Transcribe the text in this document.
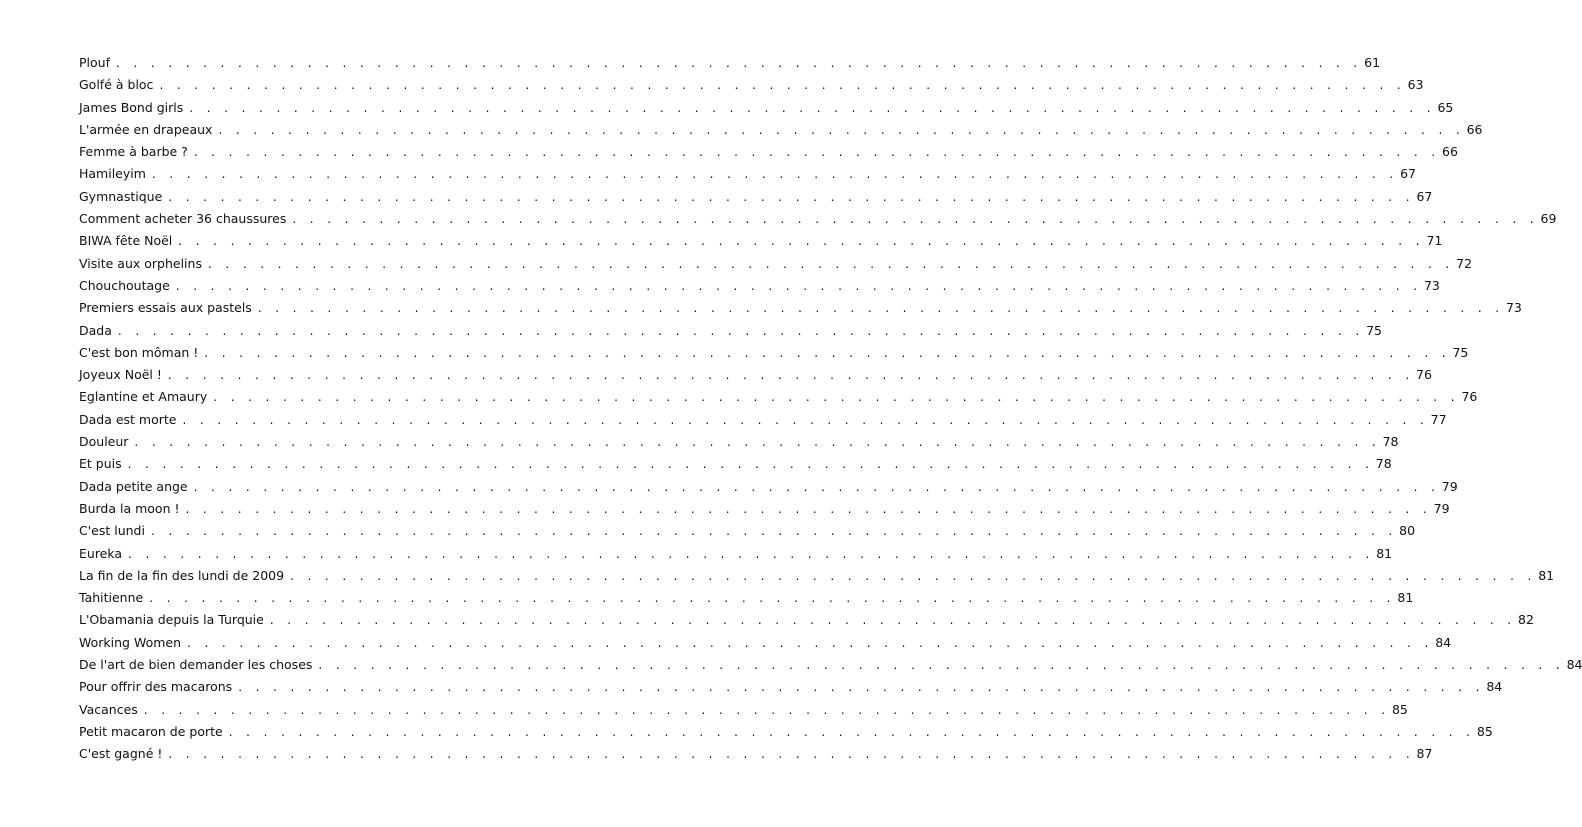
Plouf . . . . . . . . . . . . . . . . . . . . . . . . . . . . . . . . . . . . . . . . . . . . . . . . . . . . . . . . . . . . . . . . . . . . . . . . 61
Golfé à bloc . . . . . . . . . . . . . . . . . . . . . . . . . . . . . . . . . . . . . . . . . . . . . . . . . . . . . . . . . . . . . . . . . . . . . . . . 63
James Bond girls . . . . . . . . . . . . . . . . . . . . . . . . . . . . . . . . . . . . . . . . . . . . . . . . . . . . . . . . . . . . . . . . . . . . . . . . 65
L'armée en drapeaux . . . . . . . . . . . . . . . . . . . . . . . . . . . . . . . . . . . . . . . . . . . . . . . . . . . . . . . . . . . . . . . . . . . . . . . . 66
Femme à barbe ? . . . . . . . . . . . . . . . . . . . . . . . . . . . . . . . . . . . . . . . . . . . . . . . . . . . . . . . . . . . . . . . . . . . . . . . . 66
Hamileyim . . . . . . . . . . . . . . . . . . . . . . . . . . . . . . . . . . . . . . . . . . . . . . . . . . . . . . . . . . . . . . . . . . . . . . . . 67
Gymnastique . . . . . . . . . . . . . . . . . . . . . . . . . . . . . . . . . . . . . . . . . . . . . . . . . . . . . . . . . . . . . . . . . . . . . . . . 67
Comment acheter 36 chaussures . . . . . . . . . . . . . . . . . . . . . . . . . . . . . . . . . . . . . . . . . . . . . . . . . . . . . . . . . . . . . . . . . . . . . . . . 69
BIWA fête Noël . . . . . . . . . . . . . . . . . . . . . . . . . . . . . . . . . . . . . . . . . . . . . . . . . . . . . . . . . . . . . . . . . . . . . . . . 71
Visite aux orphelins . . . . . . . . . . . . . . . . . . . . . . . . . . . . . . . . . . . . . . . . . . . . . . . . . . . . . . . . . . . . . . . . . . . . . . . . 72
Chouchoutage . . . . . . . . . . . . . . . . . . . . . . . . . . . . . . . . . . . . . . . . . . . . . . . . . . . . . . . . . . . . . . . . . . . . . . . . 73
Premiers essais aux pastels . . . . . . . . . . . . . . . . . . . . . . . . . . . . . . . . . . . . . . . . . . . . . . . . . . . . . . . . . . . . . . . . . . . . . . . . 73
Dada . . . . . . . . . . . . . . . . . . . . . . . . . . . . . . . . . . . . . . . . . . . . . . . . . . . . . . . . . . . . . . . . . . . . . . . . 75
C'est bon môman ! . . . . . . . . . . . . . . . . . . . . . . . . . . . . . . . . . . . . . . . . . . . . . . . . . . . . . . . . . . . . . . . . . . . . . . . . 75
Joyeux Noël ! . . . . . . . . . . . . . . . . . . . . . . . . . . . . . . . . . . . . . . . . . . . . . . . . . . . . . . . . . . . . . . . . . . . . . . . . 76
Eglantine et Amaury . . . . . . . . . . . . . . . . . . . . . . . . . . . . . . . . . . . . . . . . . . . . . . . . . . . . . . . . . . . . . . . . . . . . . . . . 76
Dada est morte . . . . . . . . . . . . . . . . . . . . . . . . . . . . . . . . . . . . . . . . . . . . . . . . . . . . . . . . . . . . . . . . . . . . . . . . 77
Douleur . . . . . . . . . . . . . . . . . . . . . . . . . . . . . . . . . . . . . . . . . . . . . . . . . . . . . . . . . . . . . . . . . . . . . . . . 78
Et puis . . . . . . . . . . . . . . . . . . . . . . . . . . . . . . . . . . . . . . . . . . . . . . . . . . . . . . . . . . . . . . . . . . . . . . . . 78
Dada petite ange . . . . . . . . . . . . . . . . . . . . . . . . . . . . . . . . . . . . . . . . . . . . . . . . . . . . . . . . . . . . . . . . . . . . . . . . 79
Burda la moon ! . . . . . . . . . . . . . . . . . . . . . . . . . . . . . . . . . . . . . . . . . . . . . . . . . . . . . . . . . . . . . . . . . . . . . . . . 79
C'est lundi . . . . . . . . . . . . . . . . . . . . . . . . . . . . . . . . . . . . . . . . . . . . . . . . . . . . . . . . . . . . . . . . . . . . . . . . 80
Eureka . . . . . . . . . . . . . . . . . . . . . . . . . . . . . . . . . . . . . . . . . . . . . . . . . . . . . . . . . . . . . . . . . . . . . . . . 81
La fin de la fin des lundi de 2009 . . . . . . . . . . . . . . . . . . . . . . . . . . . . . . . . . . . . . . . . . . . . . . . . . . . . . . . . . . . . . . . . . . . . . . . . 81
Tahitienne . . . . . . . . . . . . . . . . . . . . . . . . . . . . . . . . . . . . . . . . . . . . . . . . . . . . . . . . . . . . . . . . . . . . . . . . 81
L'Obamania depuis la Turquie . . . . . . . . . . . . . . . . . . . . . . . . . . . . . . . . . . . . . . . . . . . . . . . . . . . . . . . . . . . . . . . . . . . . . . . . 82
Working Women . . . . . . . . . . . . . . . . . . . . . . . . . . . . . . . . . . . . . . . . . . . . . . . . . . . . . . . . . . . . . . . . . . . . . . . . 84
De l'art de bien demander les choses . . . . . . . . . . . . . . . . . . . . . . . . . . . . . . . . . . . . . . . . . . . . . . . . . . . . . . . . . . . . . . . . . . . . . . . . 84
Pour offrir des macarons . . . . . . . . . . . . . . . . . . . . . . . . . . . . . . . . . . . . . . . . . . . . . . . . . . . . . . . . . . . . . . . . . . . . . . . . 84
Vacances . . . . . . . . . . . . . . . . . . . . . . . . . . . . . . . . . . . . . . . . . . . . . . . . . . . . . . . . . . . . . . . . . . . . . . . . 85
Petit macaron de porte . . . . . . . . . . . . . . . . . . . . . . . . . . . . . . . . . . . . . . . . . . . . . . . . . . . . . . . . . . . . . . . . . . . . . . . . 85
C'est gagné ! . . . . . . . . . . . . . . . . . . . . . . . . . . . . . . . . . . . . . . . . . . . . . . . . . . . . . . . . . . . . . . . . . . . . . . . . 87
